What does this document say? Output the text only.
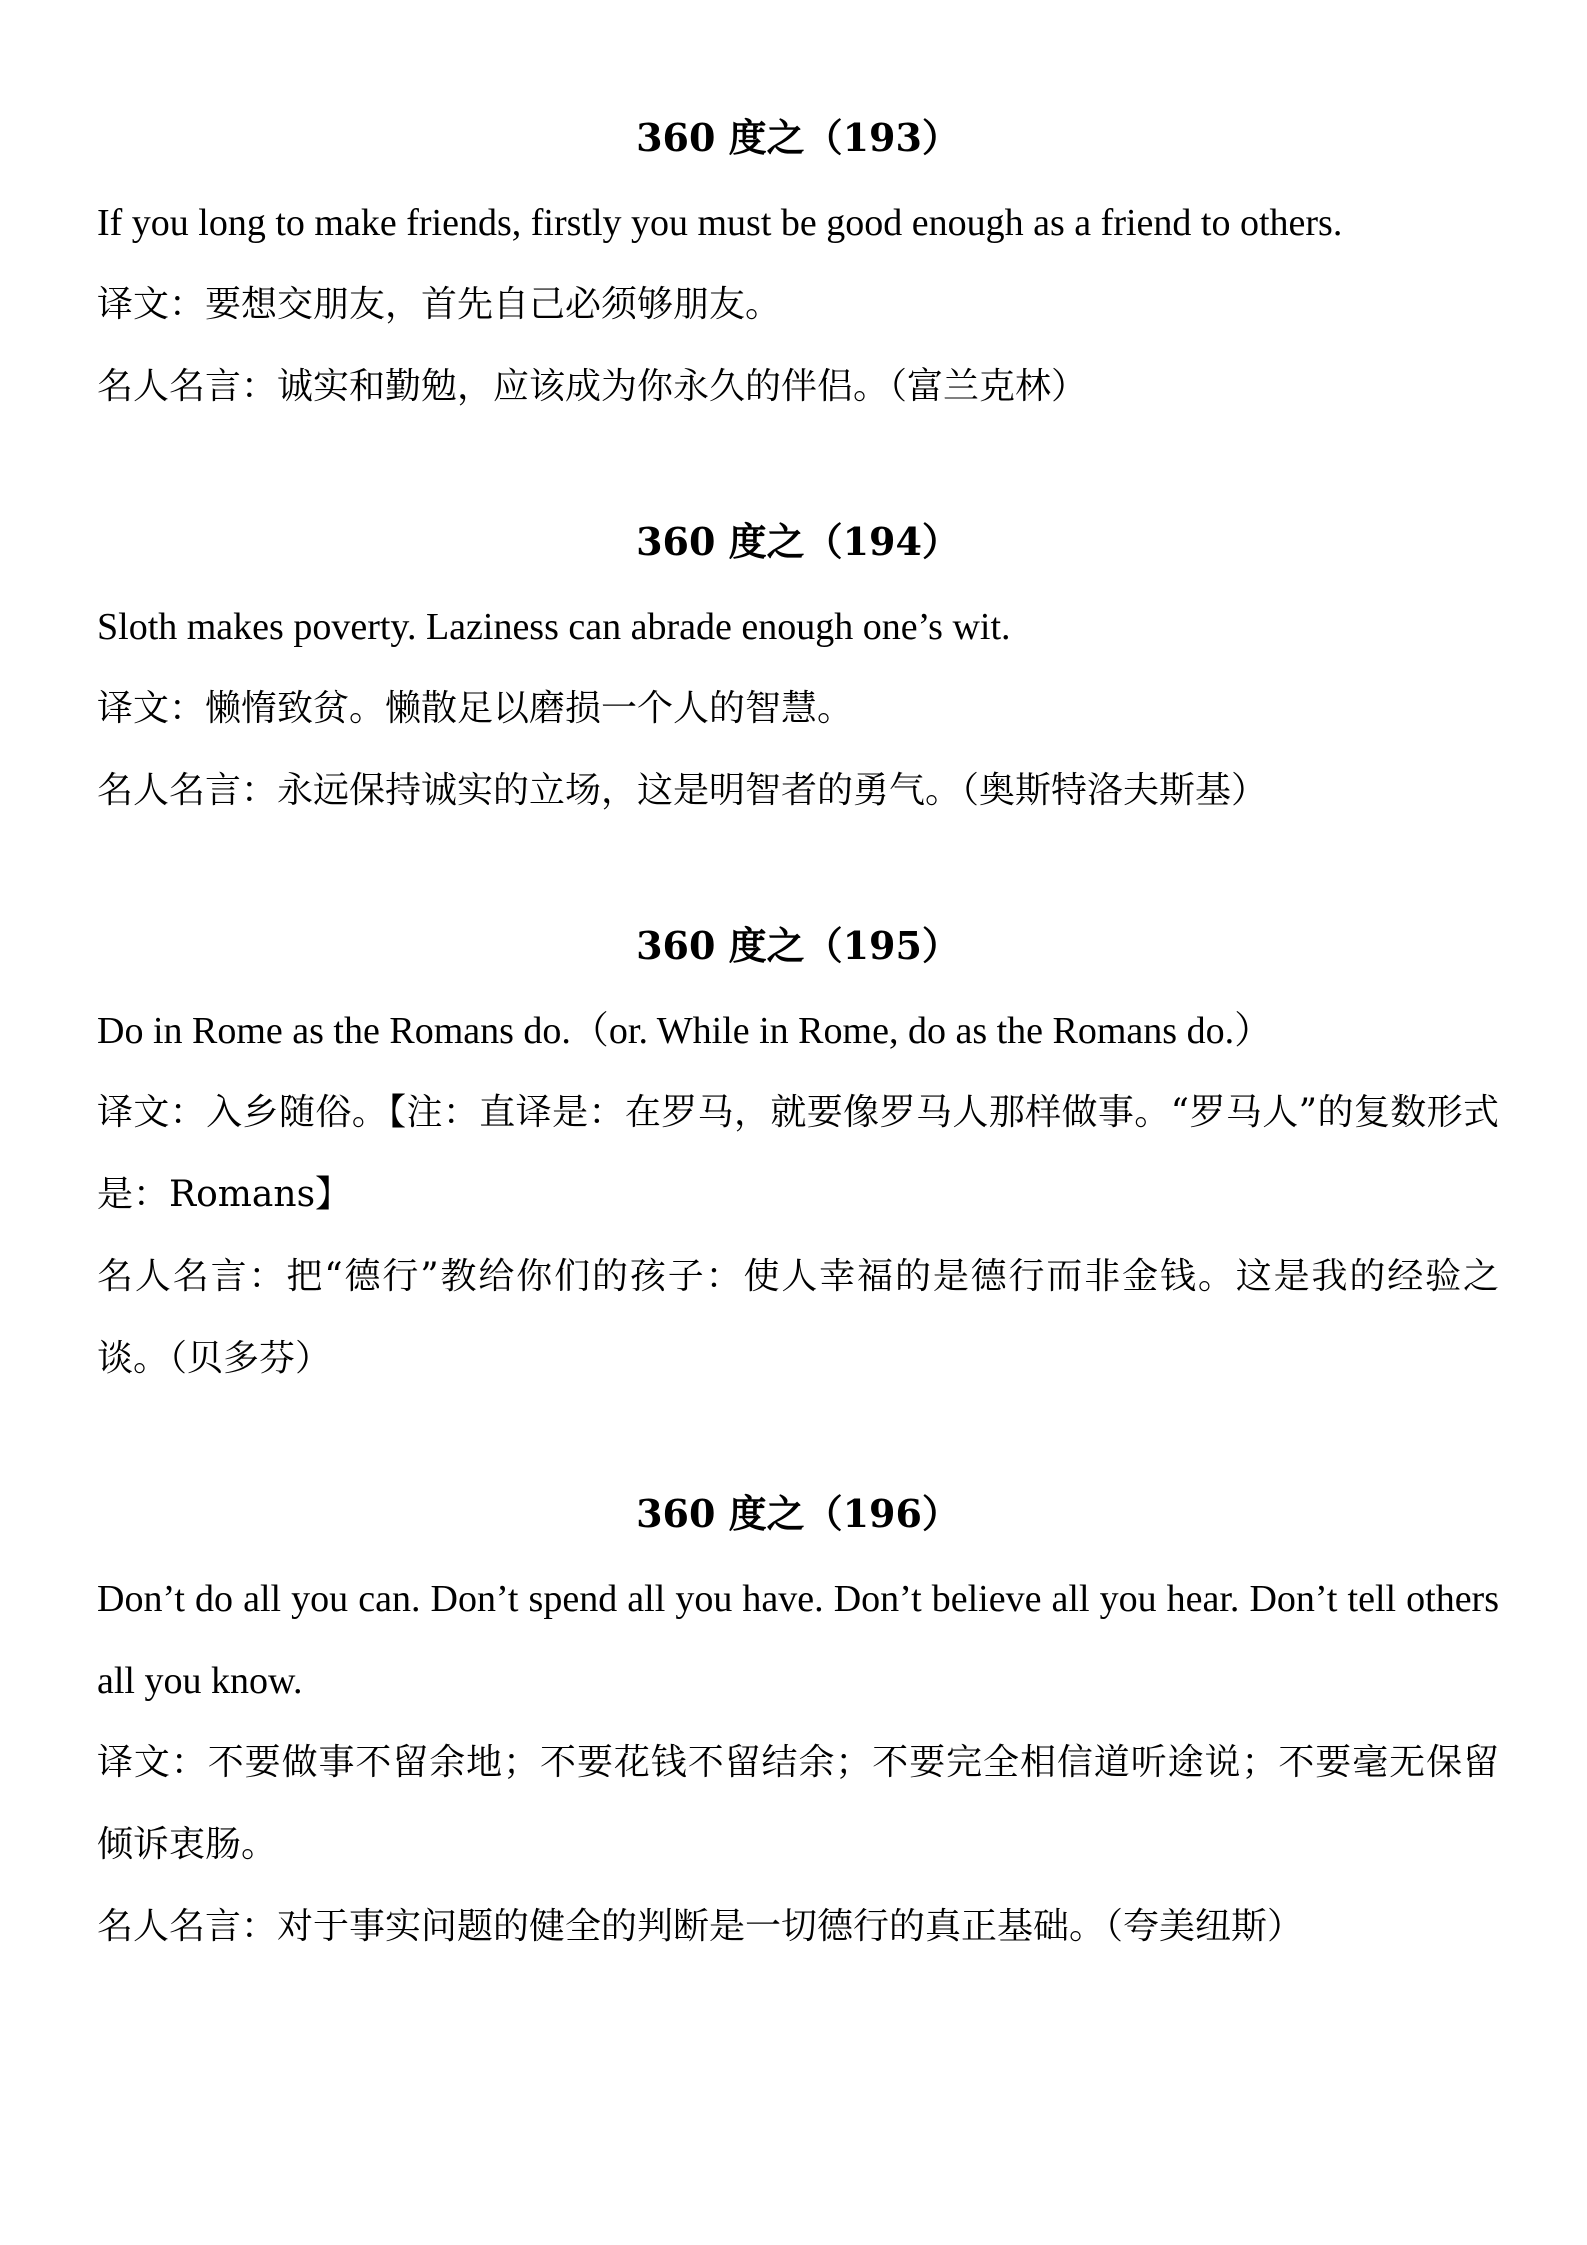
360 度之（193）

If you long to make friends, firstly you must be good enough as a friend to others.

译文：要想交朋友，首先自己必须够朋友。

名人名言：诚实和勤勉，应该成为你永久的伴侣。（富兰克林）

360 度之（194）

Sloth makes poverty. Laziness can abrade enough one’s wit.

译文：懒惰致贫。懒散足以磨损一个人的智慧。

名人名言：永远保持诚实的立场，这是明智者的勇气。（奥斯特洛夫斯基）

360 度之（195）

Do in Rome as the Romans do.（or. While in Rome, do as the Romans do.）

译文：入乡随俗。【注：直译是：在罗马，就要像罗马人那样做事。“罗马人”的复数形式是：Romans】

名人名言：把“德行”教给你们的孩子：使人幸福的是德行而非金钱。这是我的经验之谈。（贝多芬）

360 度之（196）

Don’t do all you can. Don’t spend all you have. Don’t believe all you hear. Don’t tell others all you know.

译文：不要做事不留余地；不要花钱不留结余；不要完全相信道听途说；不要毫无保留倾诉衷肠。

名人名言：对于事实问题的健全的判断是一切德行的真正基础。（夸美纽斯）
